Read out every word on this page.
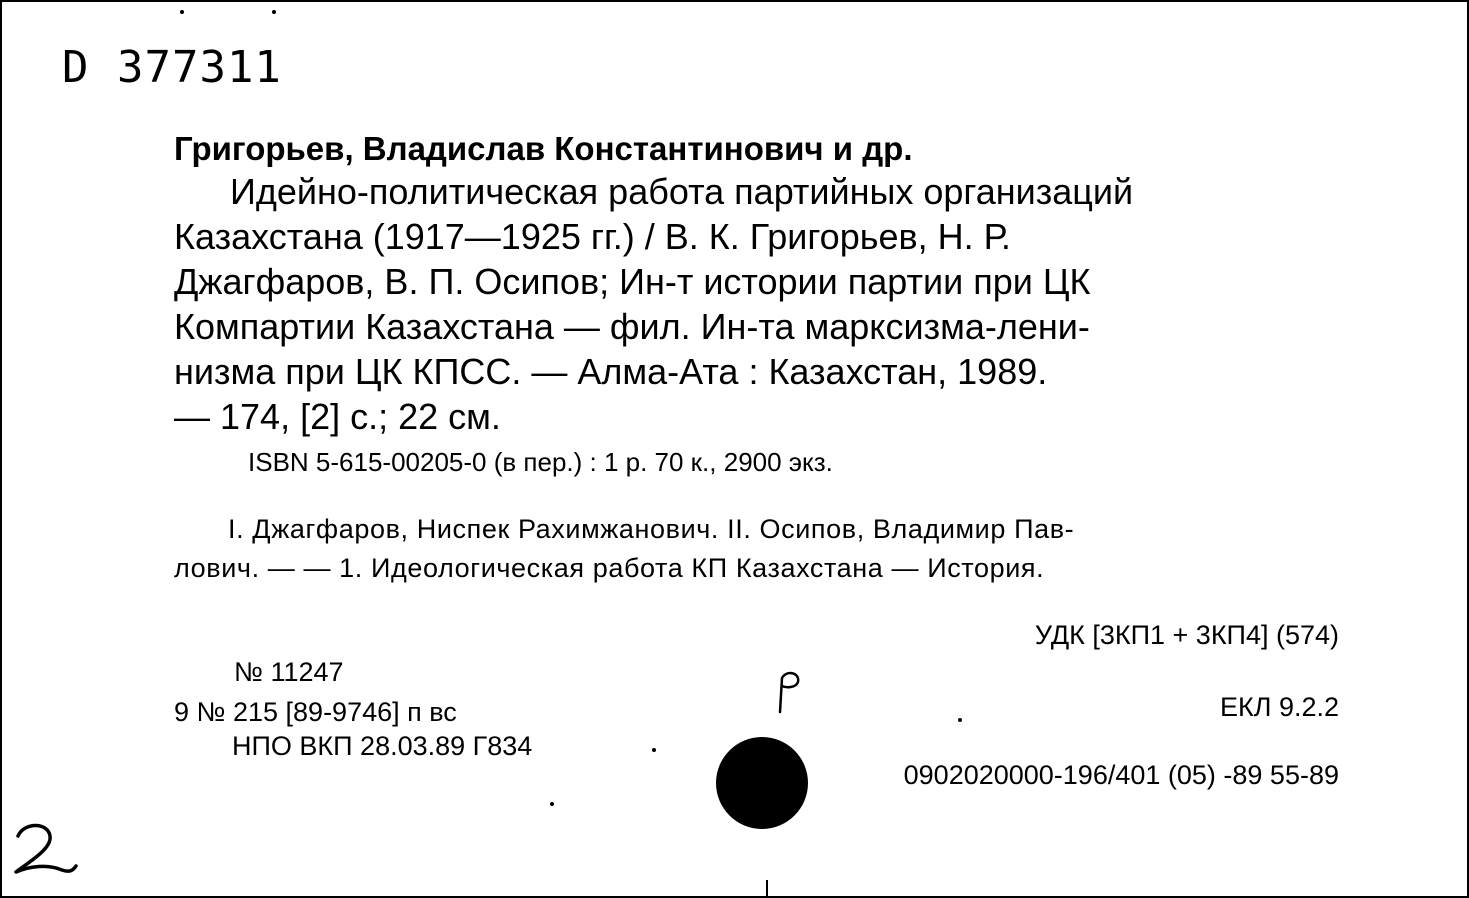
D 377311
Григорьев, Владислав Константинович и др.
Идейно-политическая работа партийных организаций
Казахстана (1917—1925 гг.) / В. К. Григорьев, Н. Р.
Джагфаров, В. П. Осипов; Ин-т истории партии при ЦК
Компартии Казахстана — фил. Ин-та марксизма-лени-
низма при ЦК КПСС. — Алма-Ата : Казахстан, 1989.
— 174, [2] с.; 22 см.
ISBN 5-615-00205-0 (в пер.) : 1 р. 70 к., 2900 экз.
I. Джагфаров, Ниспек Рахимжанович. II. Осипов, Владимир Пав-
лович. — — 1. Идеологическая работа КП Казахстана — История.
УДК [3КП1 + 3КП4] (574)
№ 11247
9 № 215 [89-9746] п вс
НПО ВКП 28.03.89 Г834
ЕКЛ 9.2.2
0902020000-196/401 (05) -89 55-89
